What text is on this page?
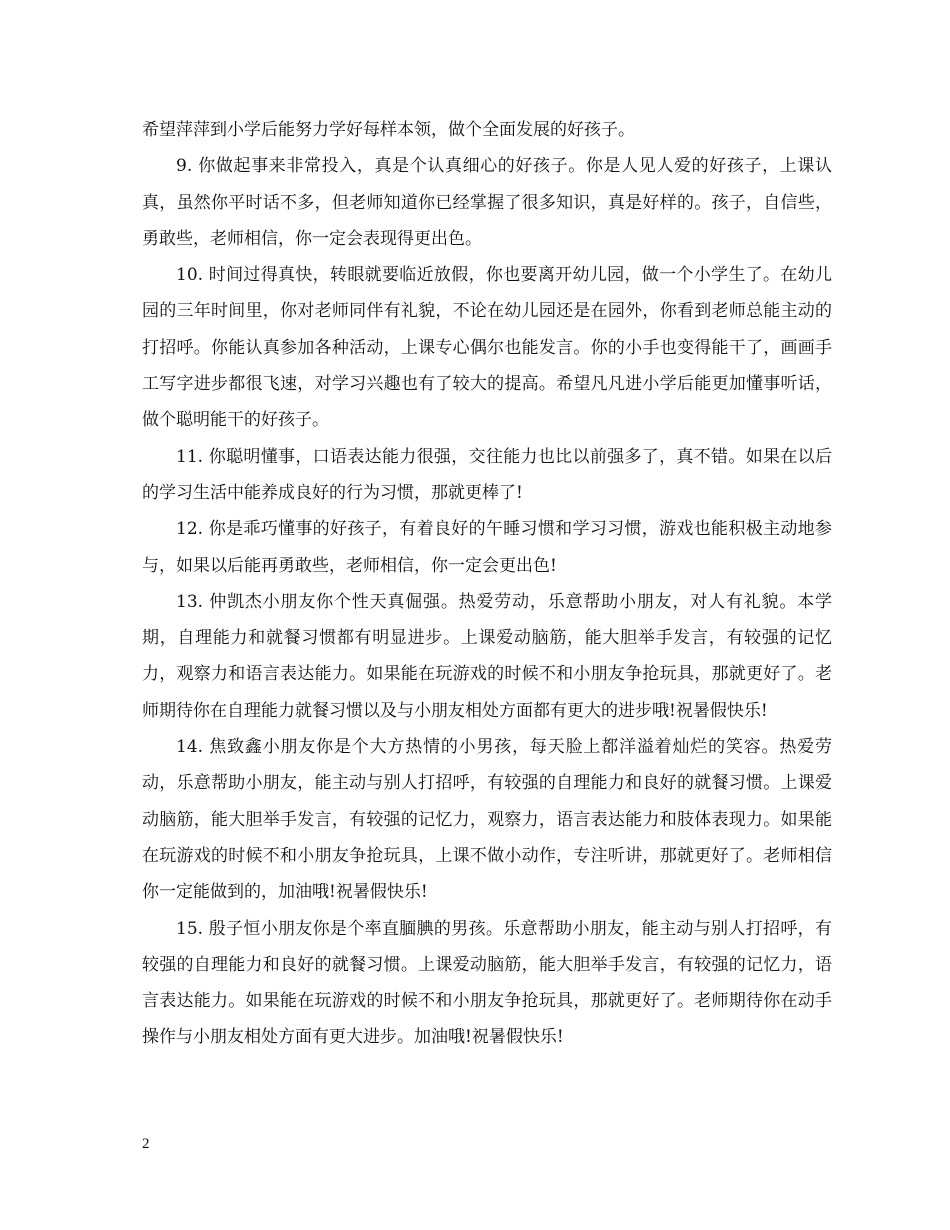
希望萍萍到小学后能努力学好每样本领，做个全面发展的好孩子。

9. 你做起事来非常投入，真是个认真细心的好孩子。你是人见人爱的好孩子，上课认真，虽然你平时话不多，但老师知道你已经掌握了很多知识，真是好样的。孩子，自信些，勇敢些，老师相信，你一定会表现得更出色。

10. 时间过得真快，转眼就要临近放假，你也要离开幼儿园，做一个小学生了。在幼儿园的三年时间里，你对老师同伴有礼貌，不论在幼儿园还是在园外，你看到老师总能主动的打招呼。你能认真参加各种活动，上课专心偶尔也能发言。你的小手也变得能干了，画画手工写字进步都很飞速，对学习兴趣也有了较大的提高。希望凡凡进小学后能更加懂事听话，做个聪明能干的好孩子。

11. 你聪明懂事，口语表达能力很强，交往能力也比以前强多了，真不错。如果在以后的学习生活中能养成良好的行为习惯，那就更棒了!

12. 你是乖巧懂事的好孩子，有着良好的午睡习惯和学习习惯，游戏也能积极主动地参与，如果以后能再勇敢些，老师相信，你一定会更出色!

13. 仲凯杰小朋友你个性天真倔强。热爱劳动，乐意帮助小朋友，对人有礼貌。本学期，自理能力和就餐习惯都有明显进步。上课爱动脑筋，能大胆举手发言，有较强的记忆力，观察力和语言表达能力。如果能在玩游戏的时候不和小朋友争抢玩具，那就更好了。老师期待你在自理能力就餐习惯以及与小朋友相处方面都有更大的进步哦!祝暑假快乐!

14. 焦致鑫小朋友你是个大方热情的小男孩，每天脸上都洋溢着灿烂的笑容。热爱劳动，乐意帮助小朋友，能主动与别人打招呼，有较强的自理能力和良好的就餐习惯。上课爱动脑筋，能大胆举手发言，有较强的记忆力，观察力，语言表达能力和肢体表现力。如果能在玩游戏的时候不和小朋友争抢玩具，上课不做小动作，专注听讲，那就更好了。老师相信你一定能做到的，加油哦!祝暑假快乐!

15. 殷子恒小朋友你是个率直腼腆的男孩。乐意帮助小朋友，能主动与别人打招呼，有较强的自理能力和良好的就餐习惯。上课爱动脑筋，能大胆举手发言，有较强的记忆力，语言表达能力。如果能在玩游戏的时候不和小朋友争抢玩具，那就更好了。老师期待你在动手操作与小朋友相处方面有更大进步。加油哦!祝暑假快乐!

2
